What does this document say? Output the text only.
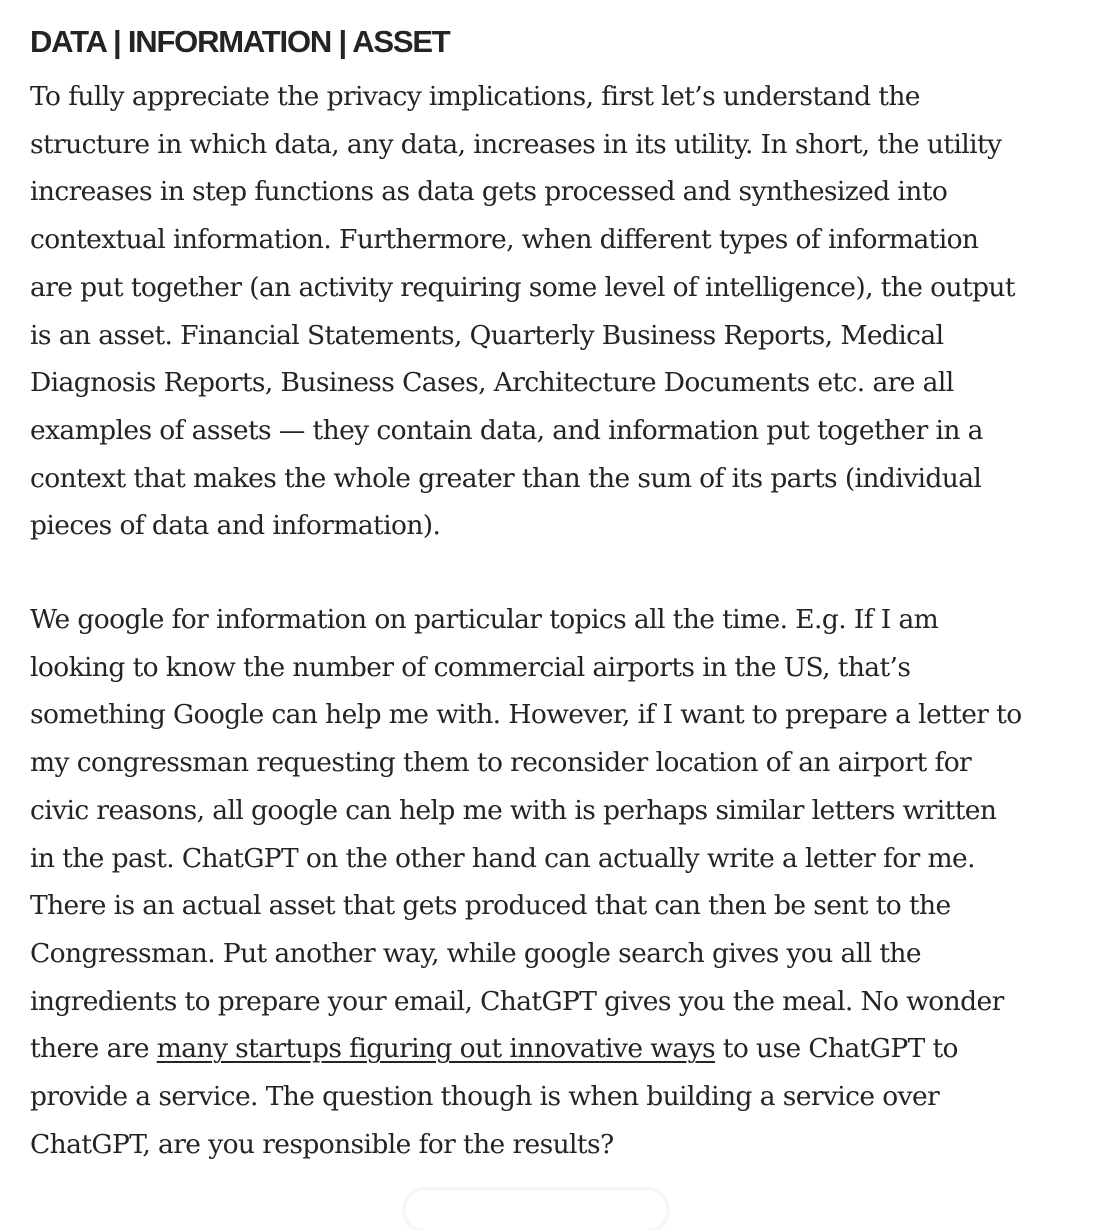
DATA | INFORMATION | ASSET

To fully appreciate the privacy implications, first let’s understand the
structure in which data, any data, increases in its utility. In short, the utility
increases in step functions as data gets processed and synthesized into
contextual information. Furthermore, when different types of information
are put together (an activity requiring some level of intelligence), the output
is an asset. Financial Statements, Quarterly Business Reports, Medical
Diagnosis Reports, Business Cases, Architecture Documents etc. are all
examples of assets — they contain data, and information put together in a
context that makes the whole greater than the sum of its parts (individual
pieces of data and information).

We google for information on particular topics all the time. E.g. If I am
looking to know the number of commercial airports in the US, that’s
something Google can help me with. However, if I want to prepare a letter to
my congressman requesting them to reconsider location of an airport for
civic reasons, all google can help me with is perhaps similar letters written
in the past. ChatGPT on the other hand can actually write a letter for me.
There is an actual asset that gets produced that can then be sent to the
Congressman. Put another way, while google search gives you all the
ingredients to prepare your email, ChatGPT gives you the meal. No wonder
there are many startups figuring out innovative ways to use ChatGPT to
provide a service. The question though is when building a service over
ChatGPT, are you responsible for the results?
